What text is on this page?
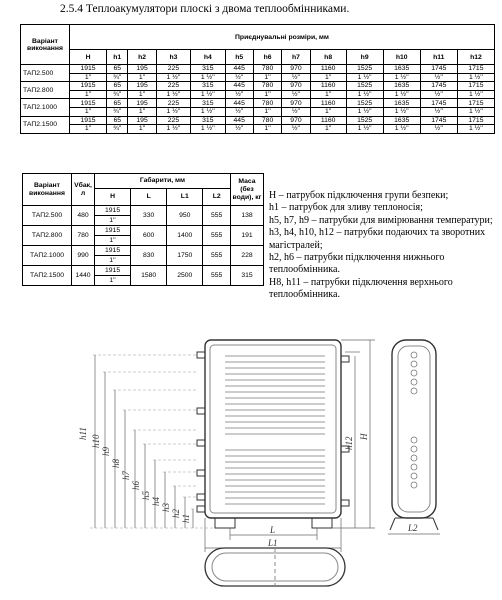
2.5.4 Теплоакумулятори плоскі з двома теплообмінниками.
Варіант виконання	Приєднувальні розміри, мм												
	H	h1	h2	h3	h4	h5	h6	h7	h8	h9	h10	h11	h12
ТАП2.500	1915	65	195	225	315	445	780	970	1160	1525	1635	1745	1715
	1''	¾''	1''	1 ½''	1 ½''	½''	1''	½''	1''	1 ½''	1 ½''	½''	1 ½''
ТАП2.800	1915	65	195	225	315	445	780	970	1160	1525	1635	1745	1715
	1''	¾''	1''	1 ½''	1 ½''	½''	1''	½''	1''	1 ½''	1 ½''	½''	1 ½''
ТАП2.1000	1915	65	195	225	315	445	780	970	1160	1525	1635	1745	1715
	1''	¾''	1''	1 ½''	1 ½''	½''	1''	½''	1''	1 ½''	1 ½''	½''	1 ½''
ТАП2.1500	1915	65	195	225	315	445	780	970	1160	1525	1635	1745	1715
	1''	¾''	1''	1 ½''	1 ½''	½''	1''	½''	1''	1 ½''	1 ½''	½''	1 ½''
Варіант виконання	Vбак, л	Габарити, мм				Маса (без води), кг
		H	L	L1	L2	
ТАП2.500	480	1915	330	950	555	138
		1''				
ТАП2.800	780	1915	600	1400	555	191
		1''				
ТАП2.1000	990	1915	830	1750	555	228
		1''				
ТАП2.1500	1440	1915	1580	2500	555	315
		1''				

H – патрубок підключення групи безпеки;

h1 – патрубок для зливу теплоносія;

h5, h7, h9 – патрубки для вимірювання температури;

h3, h4, h10, h12 – патрубки подаючих та зворотних магістралей;

h2, h6 – патрубки підключення нижнього теплообмінника.

H8, h11 – патрубки підключення верхнього теплообмінника.

h11
h10
h9
h8
h7
h6
h5
h4
h3
h2
h1
h12 H
L
L1
L2
